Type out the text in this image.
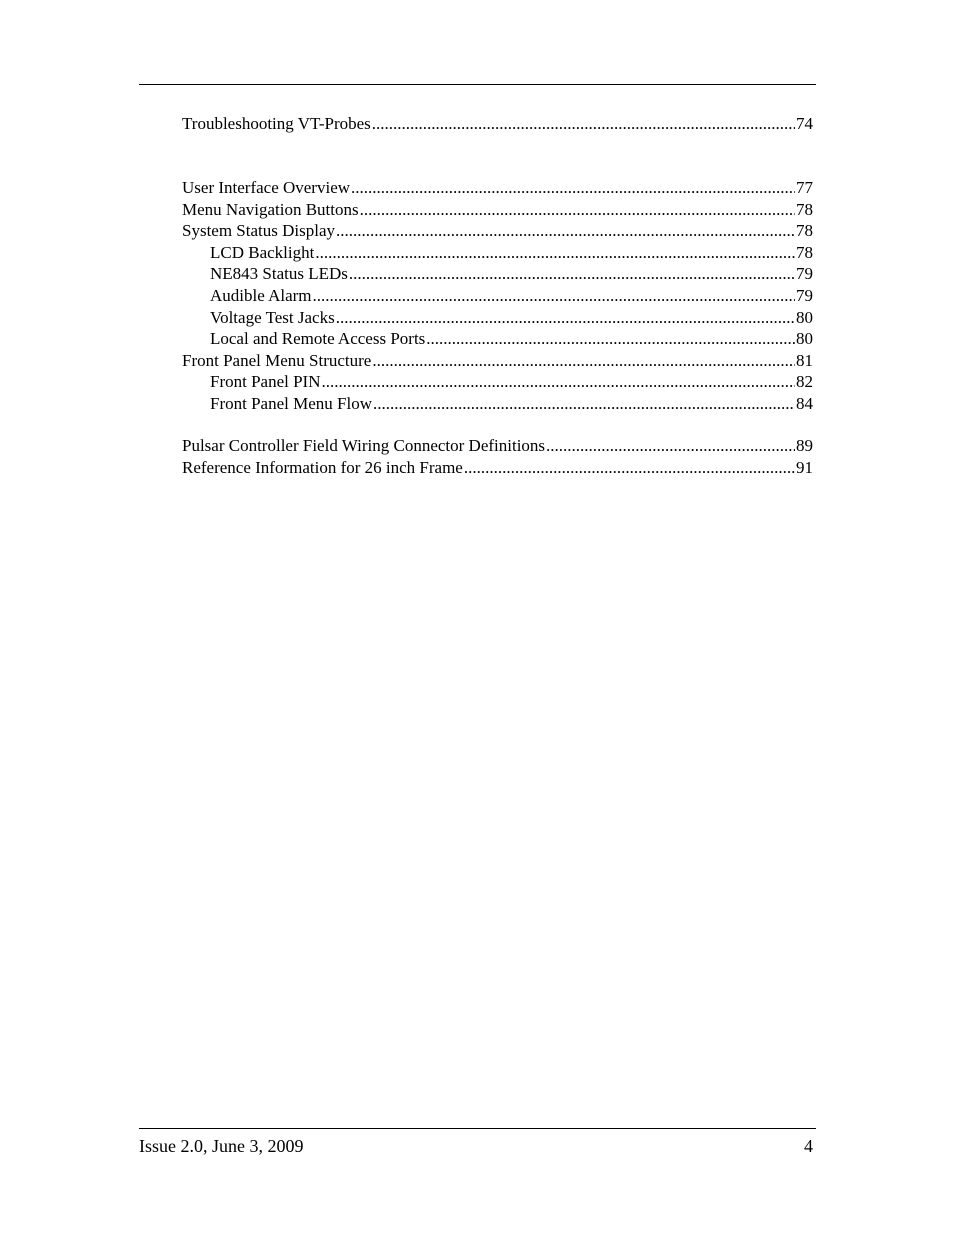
Troubleshooting VT-Probes .....	74
User Interface Overview .....	77
Menu Navigation Buttons .....	78
System Status Display .....	78
LCD Backlight .....	78
NE843 Status LEDs .....	79
Audible Alarm .....	79
Voltage Test Jacks .....	80
Local and Remote Access Ports .....	80
Front Panel Menu Structure .....	81
Front Panel PIN .....	82
Front Panel Menu Flow .....	84
Pulsar Controller Field Wiring Connector Definitions .....	89
Reference Information for 26 inch Frame .....	91
Issue 2.0, June 3, 2009	4
